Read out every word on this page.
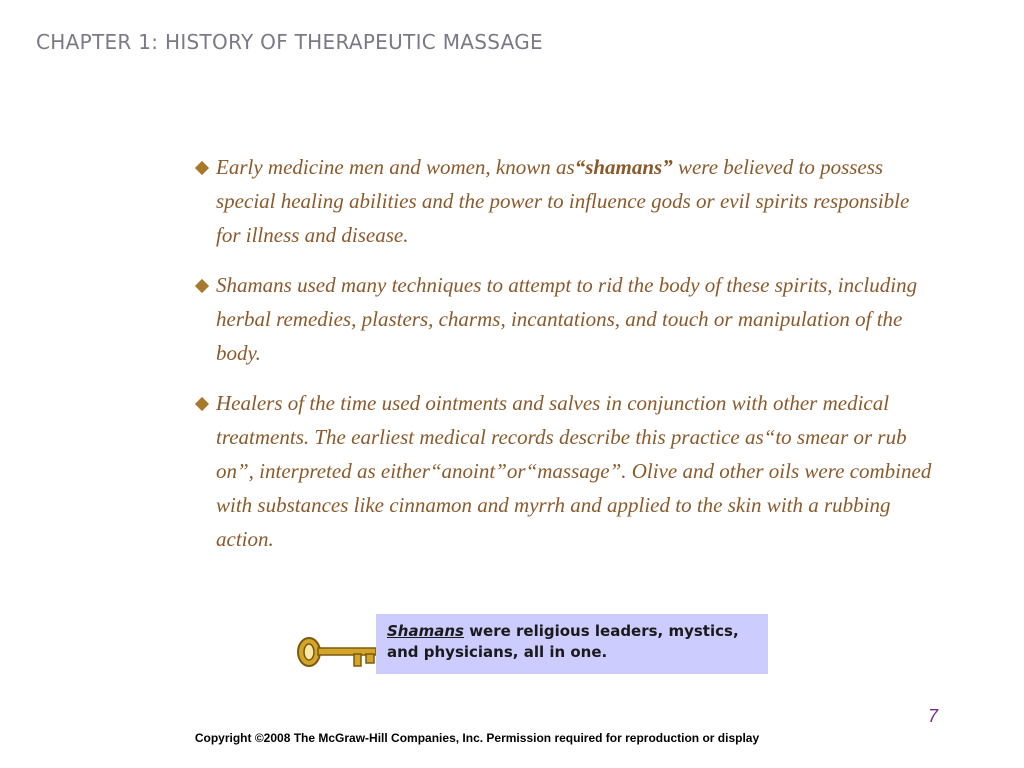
CHAPTER 1: HISTORY OF THERAPEUTIC MASSAGE
Early medicine men and women, known as“shamans” were believed to possess special healing abilities and the power to influence gods or evil spirits responsible for illness and disease.
Shamans used many techniques to attempt to rid the body of these spirits, including herbal remedies, plasters, charms, incantations, and touch or manipulation of the body.
Healers of the time used ointments and salves in conjunction with other medical treatments. The earliest medical records describe this practice as“to smear or rub on”, interpreted as either“anoint”or“massage”. Olive and other oils were combined with substances like cinnamon and myrrh and applied to the skin with a rubbing action.
Shamans were religious leaders, mystics, and physicians, all in one.
7
Copyright ©2008 The McGraw-Hill Companies, Inc. Permission required for reproduction or display
